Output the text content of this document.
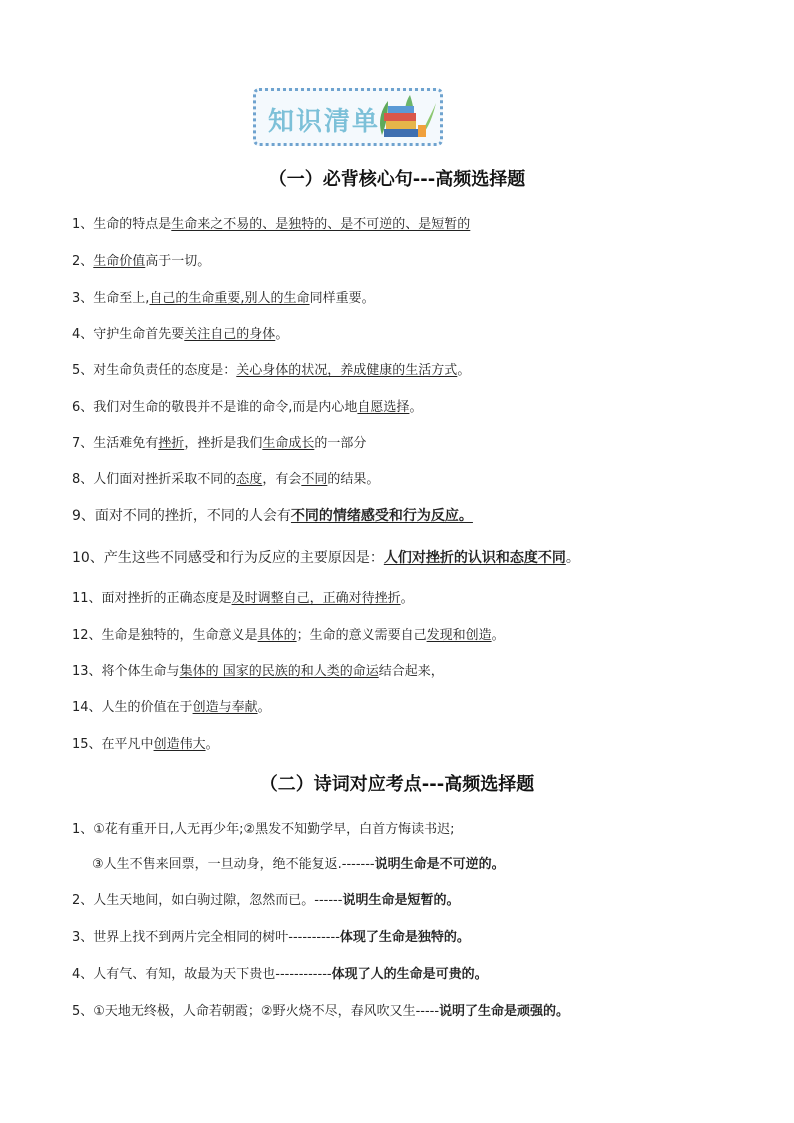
知识清单
（一）必背核心句---高频选择题
1、生命的特点是生命来之不易的、是独特的、是不可逆的、是短暂的
2、生命价值高于一切。
3、生命至上,自己的生命重要,别人的生命同样重要。
4、守护生命首先要关注自己的身体。
5、对生命负责任的态度是：关心身体的状况，养成健康的生活方式。
6、我们对生命的敬畏并不是谁的命令,而是内心地自愿选择。
7、生活难免有挫折，挫折是我们生命成长的一部分
8、人们面对挫折采取不同的态度，有会不同的结果。
9、面对不同的挫折，不同的人会有不同的情绪感受和行为反应。
10、产生这些不同感受和行为反应的主要原因是：人们对挫折的认识和态度不同。
11、面对挫折的正确态度是及时调整自己，正确对待挫折。
12、生命是独特的，生命意义是具体的；生命的意义需要自己发现和创造。
13、将个体生命与集体的 国家的民族的和人类的命运结合起来，
14、人生的价值在于创造与奉献。
15、在平凡中创造伟大。
（二）诗词对应考点---高频选择题
1、①花有重开日,人无再少年;②黑发不知勤学早，白首方悔读书迟;
③人生不售来回票，一旦动身，绝不能复返.-------说明生命是不可逆的。
2、人生天地间，如白驹过隙，忽然而已。------说明生命是短暂的。
3、世界上找不到两片完全相同的树叶-----------体现了生命是独特的。
4、人有气、有知，故最为天下贵也------------体现了人的生命是可贵的。
5、①天地无终极，人命若朝霞；②野火烧不尽，春风吹又生-----说明了生命是顽强的。
